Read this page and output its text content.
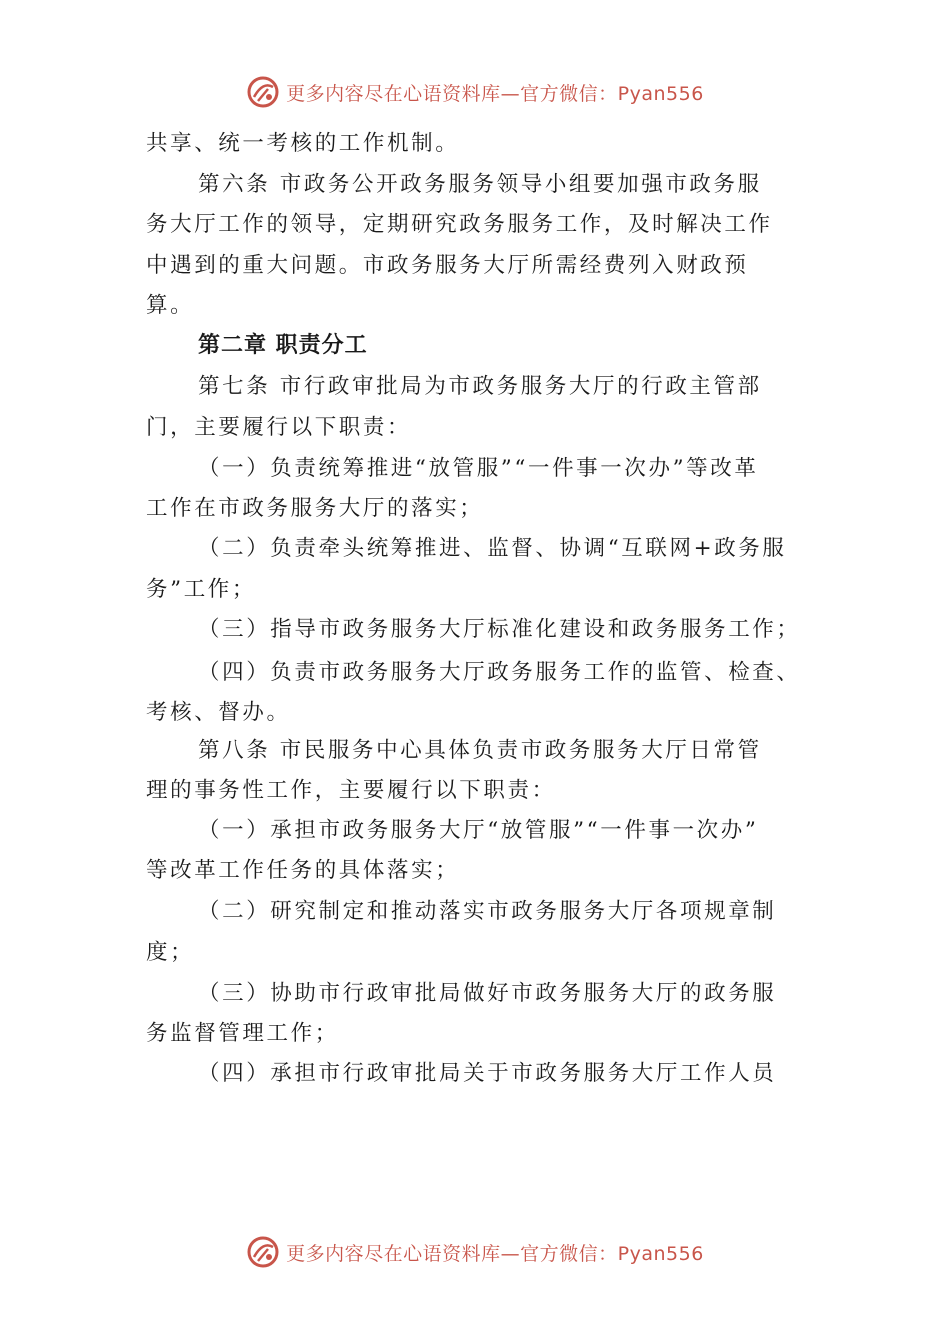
更多内容尽在心语资料库—官方微信：Pyan556
共享、统一考核的工作机制。
第六条 市政务公开政务服务领导小组要加强市政务服
务大厅工作的领导，定期研究政务服务工作，及时解决工作
中遇到的重大问题。市政务服务大厅所需经费列入财政预
算。
第二章 职责分工
第七条 市行政审批局为市政务服务大厅的行政主管部
门，主要履行以下职责：
（一）负责统筹推进“放管服”“一件事一次办”等改革
工作在市政务服务大厅的落实；
（二）负责牵头统筹推进、监督、协调“互联网+政务服
务”工作；
（三）指导市政务服务大厅标准化建设和政务服务工作；
（四）负责市政务服务大厅政务服务工作的监管、检查、
考核、督办。
第八条 市民服务中心具体负责市政务服务大厅日常管
理的事务性工作，主要履行以下职责：
（一）承担市政务服务大厅“放管服”“一件事一次办”
等改革工作任务的具体落实；
（二）研究制定和推动落实市政务服务大厅各项规章制
度；
（三）协助市行政审批局做好市政务服务大厅的政务服
务监督管理工作；
（四）承担市行政审批局关于市政务服务大厅工作人员
更多内容尽在心语资料库—官方微信：Pyan556
